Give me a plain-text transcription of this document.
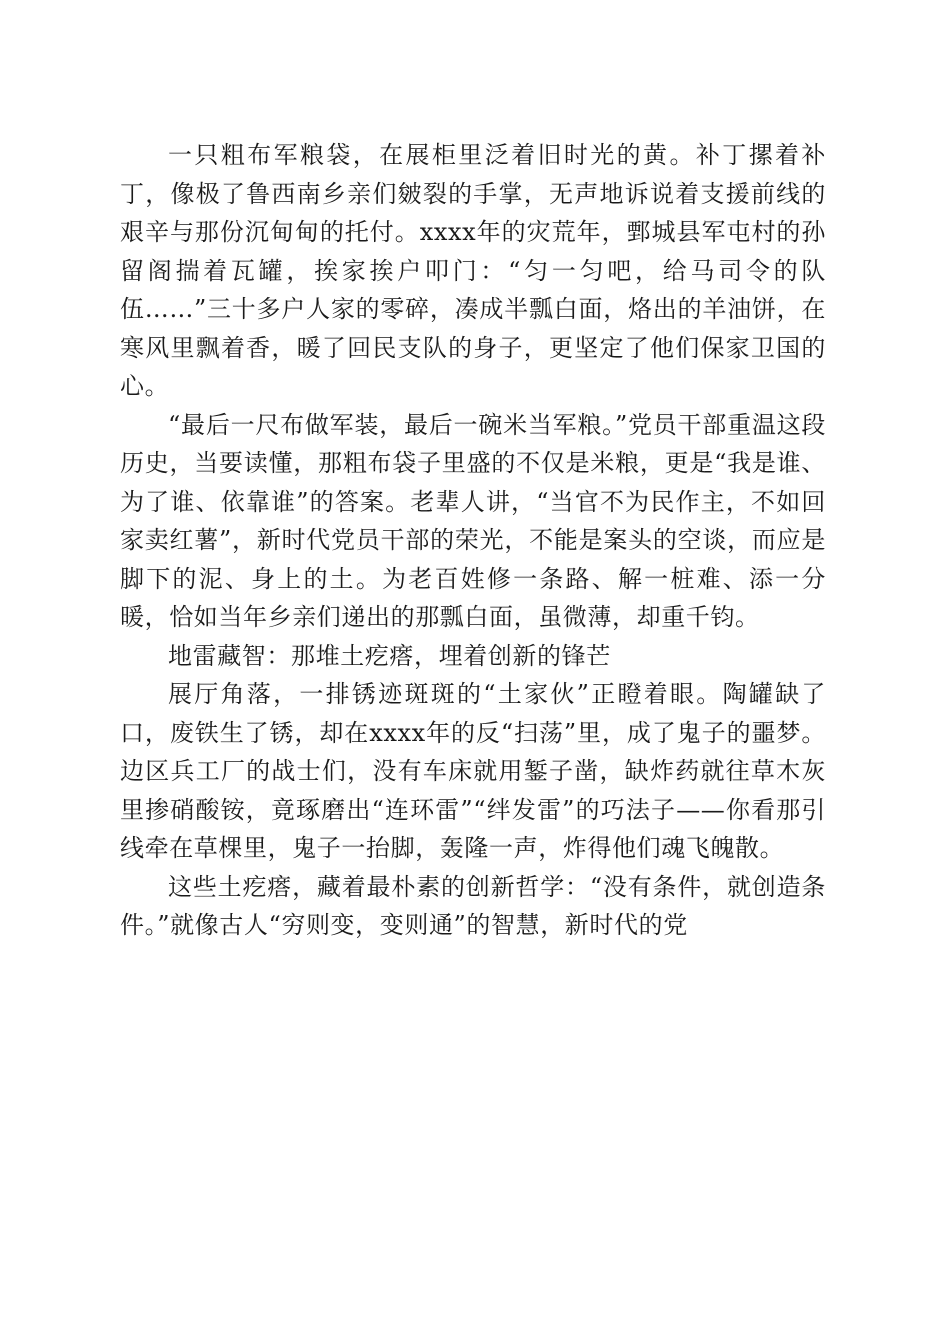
一只粗布军粮袋，在展柜里泛着旧时光的黄。补丁摞着补丁，像极了鲁西南乡亲们皴裂的手掌，无声地诉说着支援前线的艰辛与那份沉甸甸的托付。xxxx年的灾荒年，鄄城县军屯村的孙留阁揣着瓦罐，挨家挨户叩门：“匀一匀吧，给马司令的队伍……”三十多户人家的零碎，凑成半瓢白面，烙出的羊油饼，在寒风里飘着香，暖了回民支队的身子，更坚定了他们保家卫国的心。

“最后一尺布做军装，最后一碗米当军粮。”党员干部重温这段历史，当要读懂，那粗布袋子里盛的不仅是米粮，更是“我是谁、为了谁、依靠谁”的答案。老辈人讲，“当官不为民作主，不如回家卖红薯”，新时代党员干部的荣光，不能是案头的空谈，而应是脚下的泥、身上的土。为老百姓修一条路、解一桩难、添一分暖，恰如当年乡亲们递出的那瓢白面，虽微薄，却重千钧。

地雷藏智：那堆土疙瘩，埋着创新的锋芒

展厅角落，一排锈迹斑斑的“土家伙”正瞪着眼。陶罐缺了口，废铁生了锈，却在xxxx年的反“扫荡”里，成了鬼子的噩梦。边区兵工厂的战士们，没有车床就用錾子凿，缺炸药就往草木灰里掺硝酸铵，竟琢磨出“连环雷”“绊发雷”的巧法子——你看那引线牵在草棵里，鬼子一抬脚，轰隆一声，炸得他们魂飞魄散。

这些土疙瘩，藏着最朴素的创新哲学：“没有条件，就创造条件。”就像古人“穷则变，变则通”的智慧，新时代的党
